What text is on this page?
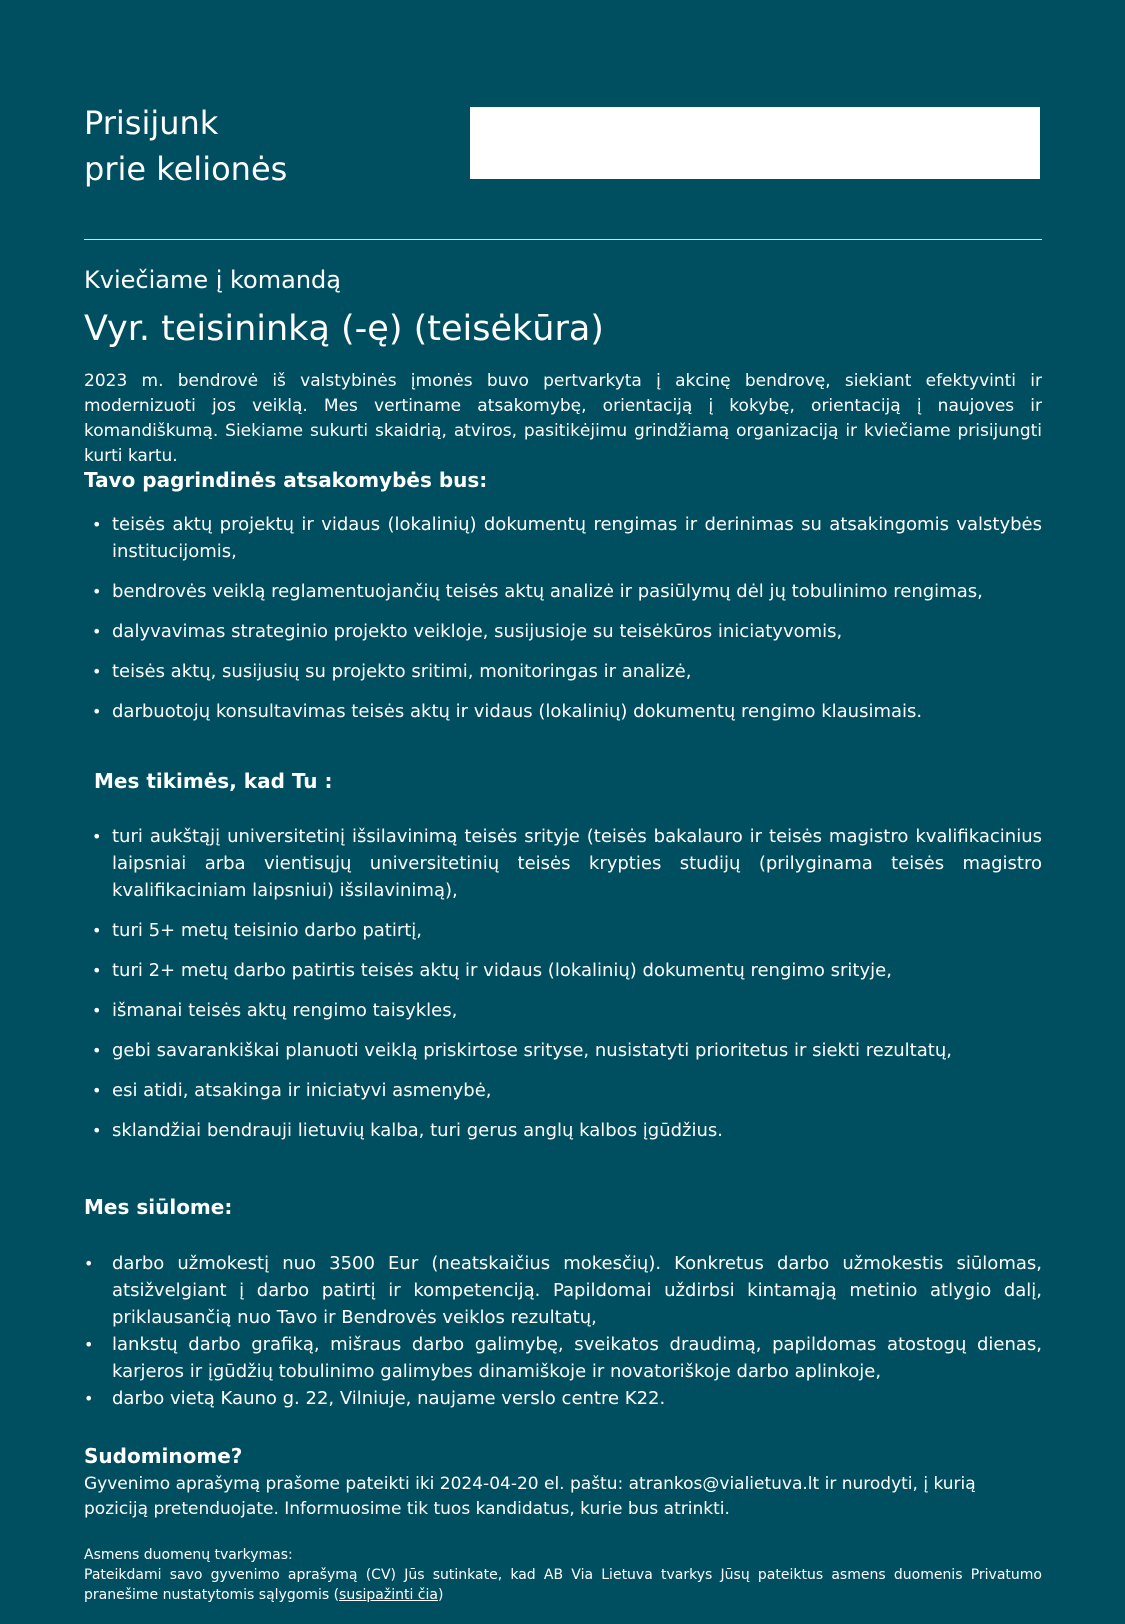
Prisijunk
prie kelionės
Kviečiame į komandą
Vyr. teisininką (-ę) (teisėkūra)

2023 m. bendrovė iš valstybinės įmonės buvo pertvarkyta į akcinę bendrovę, siekiant efektyvinti ir modernizuoti jos veiklą. Mes vertiname atsakomybę, orientaciją į kokybę, orientaciją į naujoves ir komandiškumą. Siekiame sukurti skaidrią, atviros, pasitikėjimu grindžiamą organizaciją ir kviečiame prisijungti kurti kartu.

Tavo pagrindinės atsakomybės bus:
• teisės aktų projektų ir vidaus (lokalinių) dokumentų rengimas ir derinimas su atsakingomis valstybės institucijomis,
• bendrovės veiklą reglamentuojančių teisės aktų analizė ir pasiūlymų dėl jų tobulinimo rengimas,
• dalyvavimas strateginio projekto veikloje, susijusioje su teisėkūros iniciatyvomis,
• teisės aktų, susijusių su projekto sritimi, monitoringas ir analizė,
• darbuotojų konsultavimas teisės aktų ir vidaus (lokalinių) dokumentų rengimo klausimais.
Mes tikimės, kad Tu :
• turi aukštąjį universitetinį išsilavinimą teisės srityje (teisės bakalauro ir teisės magistro kvalifikacinius laipsniai arba vientisųjų universitetinių teisės krypties studijų (prilyginama teisės magistro kvalifikaciniam laipsniui) išsilavinimą),
• turi 5+ metų teisinio darbo patirtį,
• turi 2+ metų darbo patirtis teisės aktų ir vidaus (lokalinių) dokumentų rengimo srityje,
• išmanai teisės aktų rengimo taisykles,
• gebi savarankiškai planuoti veiklą priskirtose srityse, nusistatyti prioritetus ir siekti rezultatų,
• esi atidi, atsakinga ir iniciatyvi asmenybė,
• sklandžiai bendrauji lietuvių kalba, turi gerus anglų kalbos įgūdžius.
Mes siūlome:
• darbo užmokestį nuo 3500 Eur (neatskaičius mokesčių). Konkretus darbo užmokestis siūlomas, atsižvelgiant į darbo patirtį ir kompetenciją. Papildomai uždirbsi kintamąją metinio atlygio dalį, priklausančią nuo Tavo ir Bendrovės veiklos rezultatų,
• lankstų darbo grafiką, mišraus darbo galimybę, sveikatos draudimą, papildomas atostogų dienas, karjeros ir įgūdžių tobulinimo galimybes dinamiškoje ir novatoriškoje darbo aplinkoje,
• darbo vietą Kauno g. 22, Vilniuje, naujame verslo centre K22.
Sudominome?

Gyvenimo aprašymą prašome pateikti iki 2024-04-20 el. paštu: atrankos@vialietuva.lt ir nurodyti, į kurią poziciją pretenduojate. Informuosime tik tuos kandidatus, kurie bus atrinkti.

Asmens duomenų tvarkymas:
Pateikdami savo gyvenimo aprašymą (CV) Jūs sutinkate, kad AB Via Lietuva tvarkys Jūsų pateiktus asmens duomenis Privatumo pranešime nustatytomis sąlygomis (susipažinti čia)
